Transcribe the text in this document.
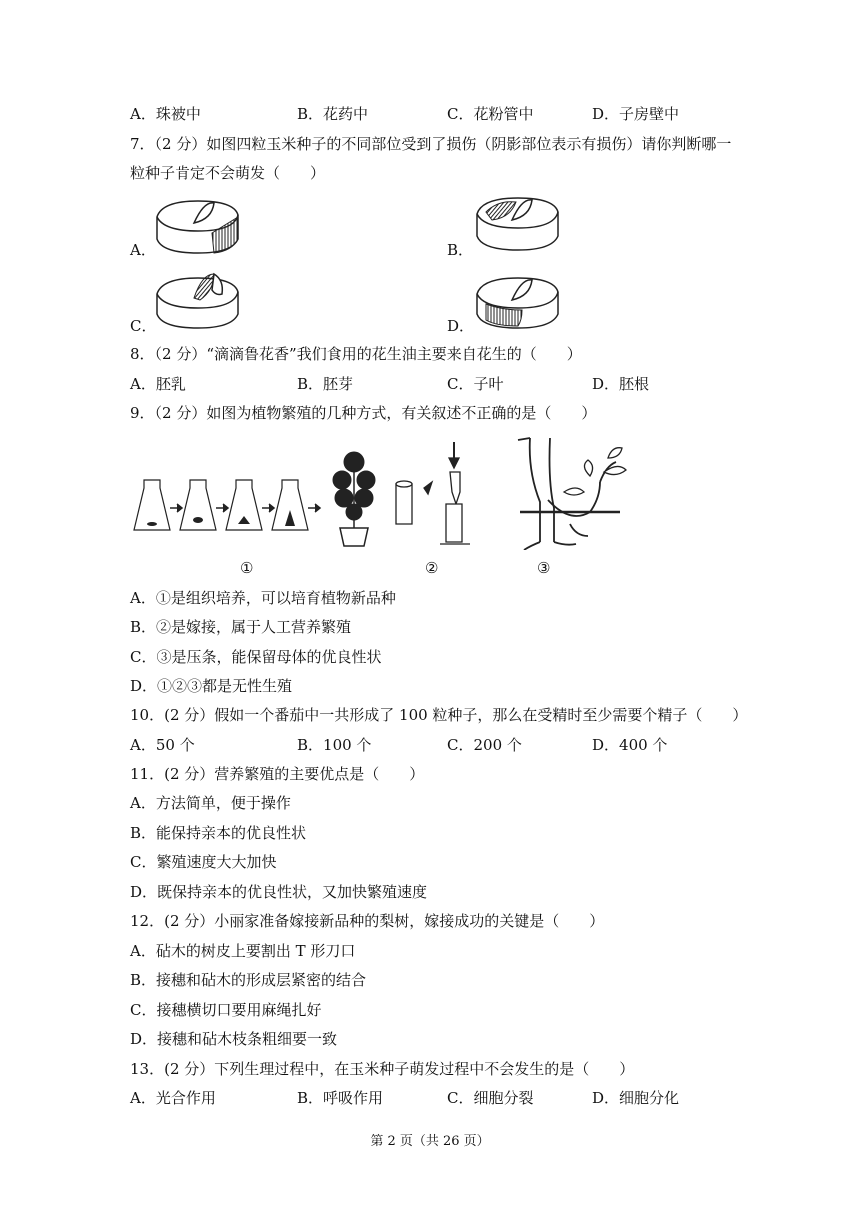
A．珠被中	B．花药中	C．花粉管中	D．子房壁中
7．（2 分）如图四粒玉米种子的不同部位受到了损伤（阴影部位表示有损伤）请你判断哪一
粒种子肯定不会萌发（　　）
A．	B．
C．	D．
8．（2 分）“滴滴鲁花香”我们食用的花生油主要来自花生的（　　）
A．胚乳	B．胚芽	C．子叶	D．胚根
9．（2 分）如图为植物繁殖的几种方式，有关叙述不正确的是（　　）
①	②	③
A．①是组织培养，可以培育植物新品种
B．②是嫁接，属于人工营养繁殖
C．③是压条，能保留母体的优良性状
D．①②③都是无性生殖
10．(2 分）假如一个番茄中一共形成了 100 粒种子，那么在受精时至少需要个精子（　　）
A．50 个	B．100 个	C．200 个	D．400 个
11．(2 分）营养繁殖的主要优点是（　　）
A．方法简单，便于操作
B．能保持亲本的优良性状
C．繁殖速度大大加快
D．既保持亲本的优良性状，又加快繁殖速度
12．(2 分）小丽家准备嫁接新品种的梨树，嫁接成功的关键是（　　）
A．砧木的树皮上要割出 T 形刀口
B．接穗和砧木的形成层紧密的结合
C．接穗横切口要用麻绳扎好
D．接穗和砧木枝条粗细要一致
13．(2 分）下列生理过程中，在玉米种子萌发过程中不会发生的是（　　）
A．光合作用	B．呼吸作用	C．细胞分裂	D．细胞分化
第 2 页（共 26 页）
